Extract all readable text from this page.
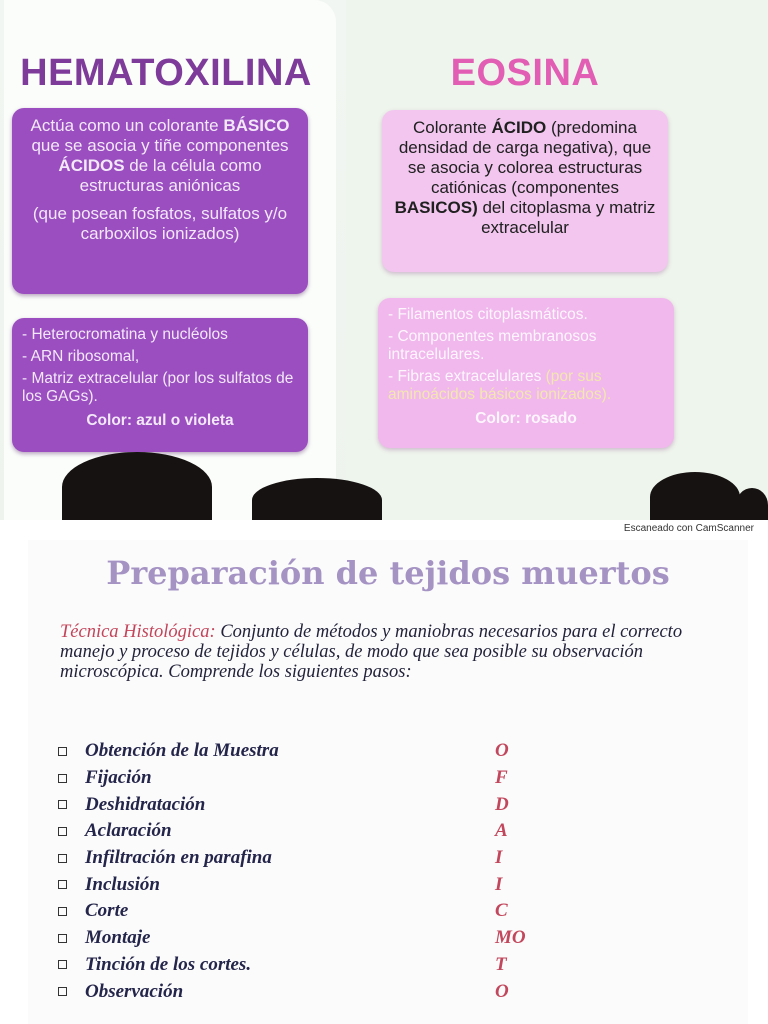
HEMATOXILINA	EOSINA
Actúa como un colorante BÁSICO que se asocia y tiñe componentes ÁCIDOS de la célula como estructuras aniónicas
(que posean fosfatos, sulfatos y/o carboxilos ionizados)
Colorante ÁCIDO (predomina densidad de carga negativa), que se asocia y colorea estructuras catiónicas (componentes BASICOS) del citoplasma y matriz extracelular

- Heterocromatina y nucléolos

- ARN ribosomal,

- Matriz extracelular (por los sulfatos de los GAGs).

Color: azul o violeta

- Filamentos citoplasmáticos.

- Componentes membranosos intracelulares.

- Fibras extracelulares (por sus aminoácidos básicos ionizados).

Color: rosado
Escaneado con CamScanner
Preparación de tejidos muertos

Técnica Histológica: Conjunto de métodos y maniobras necesarios para el correcto manejo y proceso de tejidos y células, de modo que sea posible su observación microscópica. Comprende los siguientes pasos:

Obtención de la Muestra	O
Fijación	F
Deshidratación	D
Aclaración	A
Infiltración en parafina	I
Inclusión	I
Corte	C
Montaje	MO
Tinción de los cortes.	T
Observación	O
